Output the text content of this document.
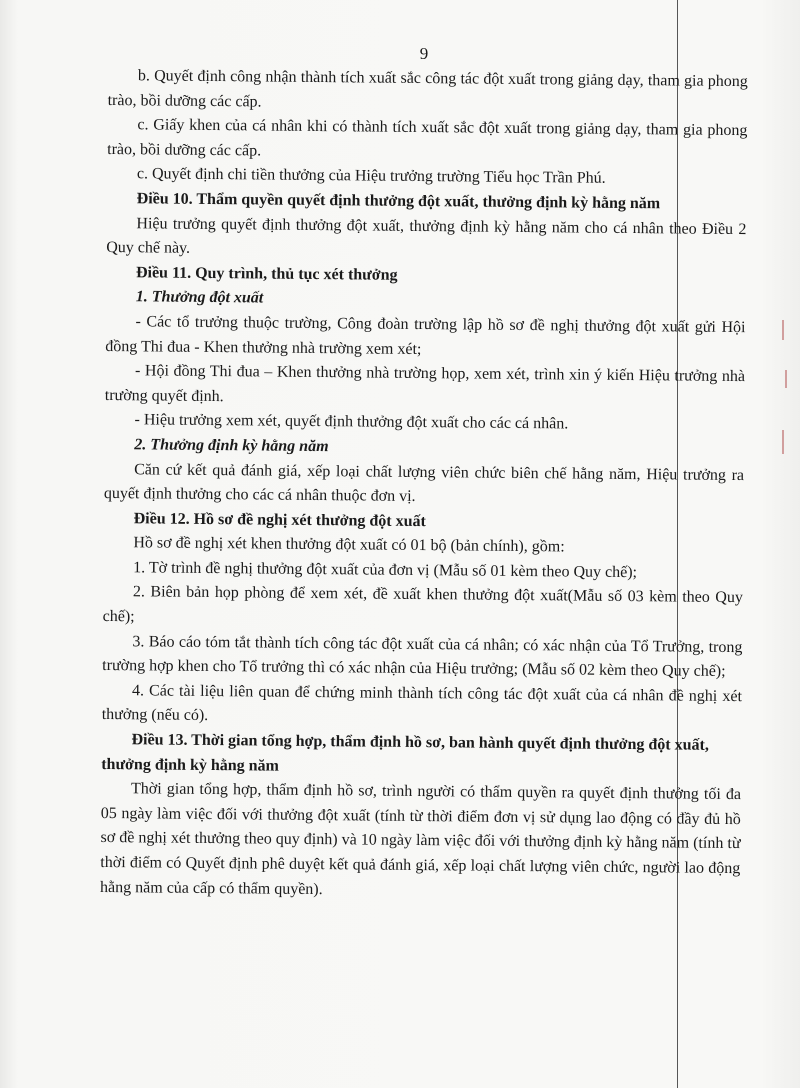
9

b. Quyết định công nhận thành tích xuất sắc công tác đột xuất trong giảng dạy, tham gia phong trào, bồi dưỡng các cấp.

c. Giấy khen của cá nhân khi có thành tích xuất sắc đột xuất trong giảng dạy, tham gia phong trào, bồi dưỡng các cấp.

c. Quyết định chi tiền thưởng của Hiệu trưởng trường Tiểu học Trần Phú.

Điều 10. Thẩm quyền quyết định thưởng đột xuất, thưởng định kỳ hằng năm

Hiệu trưởng quyết định thưởng đột xuất, thưởng định kỳ hằng năm cho cá nhân theo Điều 2 Quy chế này.

Điều 11. Quy trình, thủ tục xét thưởng

1. Thưởng đột xuất

- Các tổ trưởng thuộc trường, Công đoàn trường lập hồ sơ đề nghị thưởng đột xuất gửi Hội đồng Thi đua - Khen thưởng nhà trường xem xét;

- Hội đồng Thi đua – Khen thưởng nhà trường họp, xem xét, trình xin ý kiến Hiệu trưởng nhà trường quyết định.

- Hiệu trưởng xem xét, quyết định thưởng đột xuất cho các cá nhân.

2. Thưởng định kỳ hằng năm

Căn cứ kết quả đánh giá, xếp loại chất lượng viên chức biên chế hằng năm, Hiệu trưởng ra quyết định thưởng cho các cá nhân thuộc đơn vị.

Điều 12. Hồ sơ đề nghị xét thưởng đột xuất

Hồ sơ đề nghị xét khen thưởng đột xuất có 01 bộ (bản chính), gồm:

1. Tờ trình đề nghị thưởng đột xuất của đơn vị (Mẫu số 01 kèm theo Quy chế);

2. Biên bản họp phòng để xem xét, đề xuất khen thưởng đột xuất(Mẫu số 03 kèm theo Quy chế);

3. Báo cáo tóm tắt thành tích công tác đột xuất của cá nhân; có xác nhận của Tổ Trưởng, trong trường hợp khen cho Tổ trưởng thì có xác nhận của Hiệu trưởng; (Mẫu số 02 kèm theo Quy chế);

4. Các tài liệu liên quan để chứng minh thành tích công tác đột xuất của cá nhân đề nghị xét thưởng (nếu có).

Điều 13. Thời gian tổng hợp, thẩm định hồ sơ, ban hành quyết định thưởng đột xuất, thưởng định kỳ hằng năm

Thời gian tổng hợp, thẩm định hồ sơ, trình người có thẩm quyền ra quyết định thưởng tối đa 05 ngày làm việc đối với thưởng đột xuất (tính từ thời điểm đơn vị sử dụng lao động có đầy đủ hồ sơ đề nghị xét thưởng theo quy định) và 10 ngày làm việc đối với thưởng định kỳ hằng năm (tính từ thời điểm có Quyết định phê duyệt kết quả đánh giá, xếp loại chất lượng viên chức, người lao động hằng năm của cấp có thẩm quyền).
